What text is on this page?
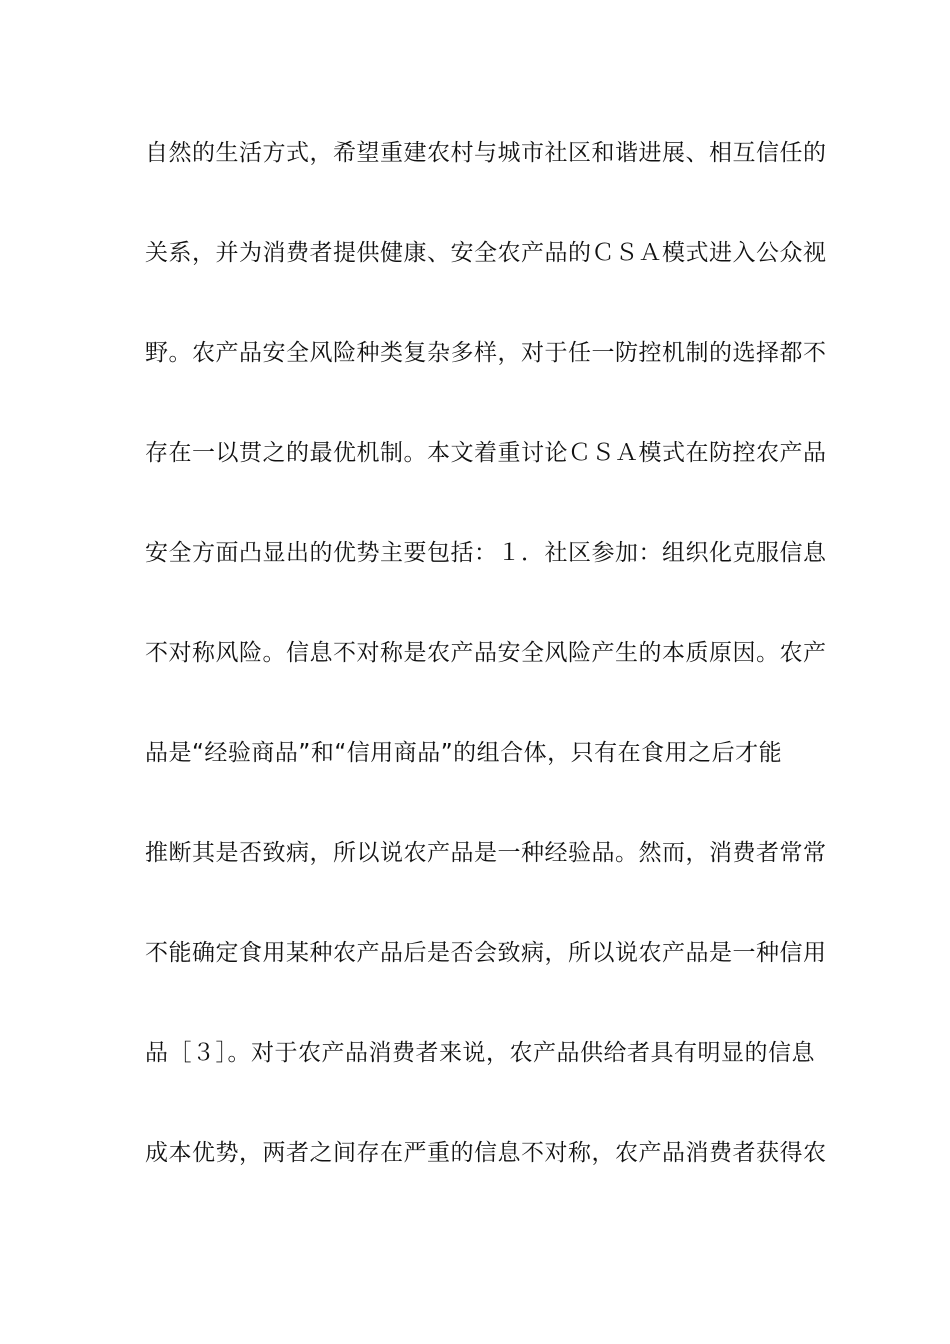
自然的生活方式，希望重建农村与城市社区和谐进展、相互信任的
关系，并为消费者提供健康、安全农产品的ＣＳＡ模式进入公众视
野。农产品安全风险种类复杂多样，对于任一防控机制的选择都不
存在一以贯之的最优机制。本文着重讨论ＣＳＡ模式在防控农产品
安全方面凸显出的优势主要包括：１．社区参加：组织化克服信息
不对称风险。信息不对称是农产品安全风险产生的本质原因。农产
品是“经验商品”和“信用商品”的组合体，只有在食用之后才能
推断其是否致病，所以说农产品是一种经验品。然而，消费者常常
不能确定食用某种农产品后是否会致病，所以说农产品是一种信用
品［３］。对于农产品消费者来说，农产品供给者具有明显的信息
成本优势，两者之间存在严重的信息不对称，农产品消费者获得农
